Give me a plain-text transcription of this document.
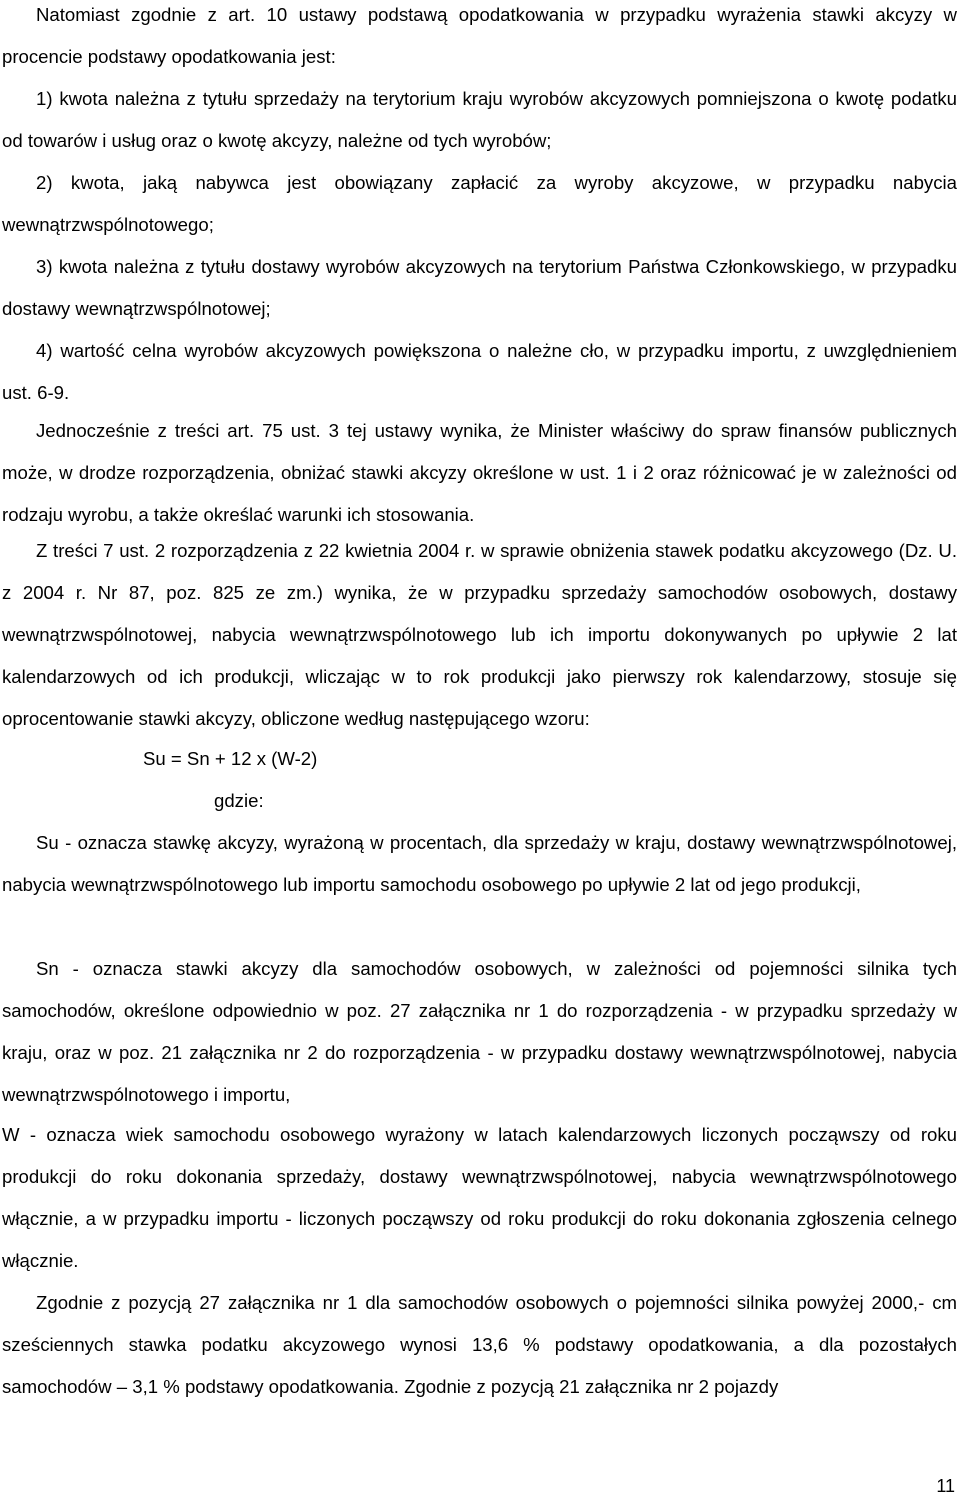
Natomiast zgodnie z art. 10 ustawy podstawą opodatkowania w przypadku wyrażenia stawki akcyzy w procencie podstawy opodatkowania jest:

1) kwota należna z tytułu sprzedaży na terytorium kraju wyrobów akcyzowych pomniejszona o kwotę podatku od towarów i usług oraz o kwotę akcyzy, należne od tych wyrobów;

2) kwota, jaką nabywca jest obowiązany zapłacić za wyroby akcyzowe, w przypadku nabycia wewnątrzwspólnotowego;

3) kwota należna z tytułu dostawy wyrobów akcyzowych na terytorium Państwa Członkowskiego, w przypadku dostawy wewnątrzwspólnotowej;

4) wartość celna wyrobów akcyzowych powiększona o należne cło, w przypadku importu, z uwzględnieniem ust. 6-9.

Jednocześnie z treści art. 75 ust. 3 tej ustawy wynika, że Minister właściwy do spraw finansów publicznych może, w drodze rozporządzenia, obniżać stawki akcyzy określone w ust. 1 i 2 oraz różnicować je w zależności od rodzaju wyrobu, a także określać warunki ich stosowania.

Z treści 7 ust. 2 rozporządzenia z 22 kwietnia 2004 r. w sprawie obniżenia stawek podatku akcyzowego (Dz. U. z 2004 r. Nr 87, poz. 825 ze zm.) wynika, że w przypadku sprzedaży samochodów osobowych, dostawy wewnątrzwspólnotowej, nabycia wewnątrzwspólnotowego lub ich importu dokonywanych po upływie 2 lat kalendarzowych od ich produkcji, wliczając w to rok produkcji jako pierwszy rok kalendarzowy, stosuje się oprocentowanie stawki akcyzy, obliczone według następującego wzoru:

Su = Sn + 12 x (W-2)

gdzie:

Su - oznacza stawkę akcyzy, wyrażoną w procentach, dla sprzedaży w kraju, dostawy wewnątrzwspólnotowej, nabycia wewnątrzwspólnotowego lub importu samochodu osobowego po upływie 2 lat od jego produkcji,

Sn - oznacza stawki akcyzy dla samochodów osobowych, w zależności od pojemności silnika tych samochodów, określone odpowiednio w poz. 27 załącznika nr 1 do rozporządzenia - w przypadku sprzedaży w kraju, oraz w poz. 21 załącznika nr 2 do rozporządzenia - w przypadku dostawy wewnątrzwspólnotowej, nabycia wewnątrzwspólnotowego i importu,

W - oznacza wiek samochodu osobowego wyrażony w latach kalendarzowych liczonych począwszy od roku produkcji do roku dokonania sprzedaży, dostawy wewnątrzwspólnotowej, nabycia wewnątrzwspólnotowego włącznie, a w przypadku importu - liczonych począwszy od roku produkcji do roku dokonania zgłoszenia celnego włącznie.

Zgodnie z pozycją 27 załącznika nr 1 dla samochodów osobowych o pojemności silnika powyżej 2000,- cm sześciennych stawka podatku akcyzowego wynosi 13,6 % podstawy opodatkowania, a dla pozostałych samochodów – 3,1 % podstawy opodatkowania. Zgodnie z pozycją 21 załącznika nr 2 pojazdy

11
